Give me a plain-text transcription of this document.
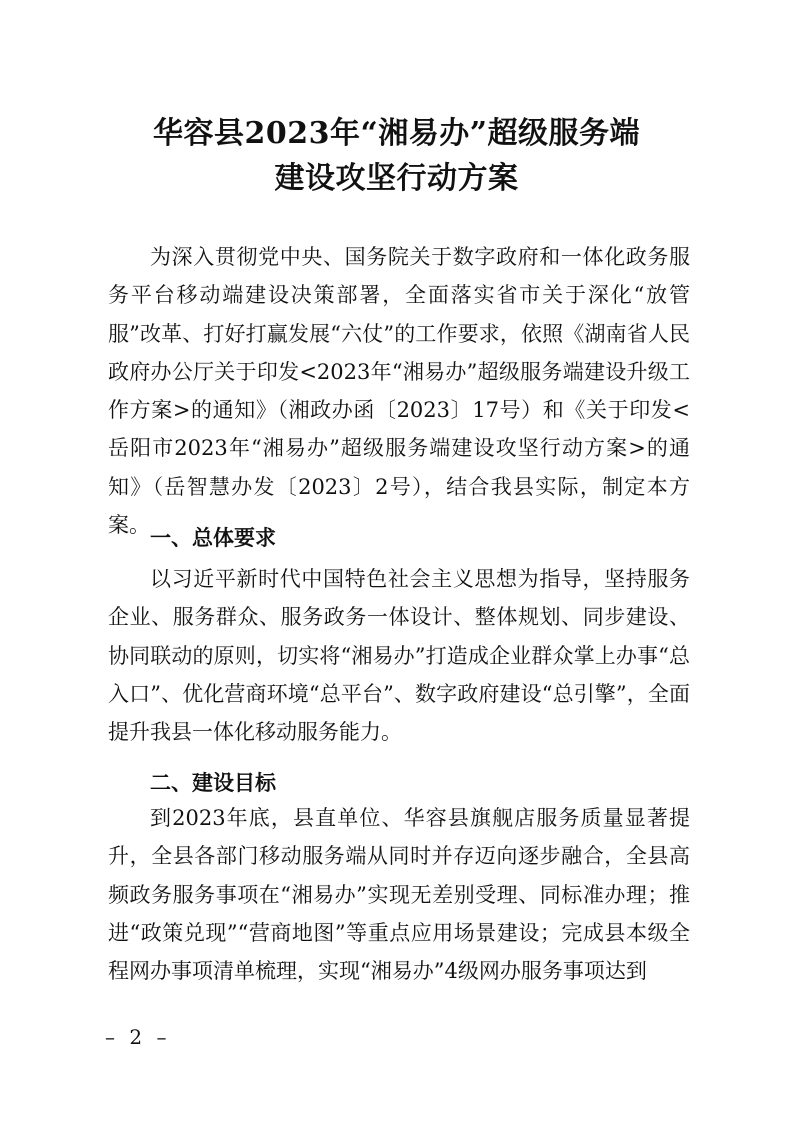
华容县2023年“湘易办”超级服务端
建设攻坚行动方案

为深入贯彻党中央、国务院关于数字政府和一体化政务服务平台移动端建设决策部署，全面落实省市关于深化“放管服”改革、打好打赢发展“六仗”的工作要求，依照《湖南省人民政府办公厅关于印发<2023年“湘易办”超级服务端建设升级工作方案>的通知》（湘政办函〔2023〕17号）和《关于印发<岳阳市2023年“湘易办”超级服务端建设攻坚行动方案>的通知》（岳智慧办发〔2023〕2号），结合我县实际，制定本方案。

一、总体要求

以习近平新时代中国特色社会主义思想为指导，坚持服务企业、服务群众、服务政务一体设计、整体规划、同步建设、协同联动的原则，切实将“湘易办”打造成企业群众掌上办事“总入口”、优化营商环境“总平台”、数字政府建设“总引擎”，全面提升我县一体化移动服务能力。

二、建设目标

到2023年底，县直单位、华容县旗舰店服务质量显著提升，全县各部门移动服务端从同时并存迈向逐步融合，全县高频政务服务事项在“湘易办”实现无差别受理、同标准办理；推进“政策兑现”“营商地图”等重点应用场景建设；完成县本级全程网办事项清单梳理，实现“湘易办”4级网办服务事项达到

– 2 –
